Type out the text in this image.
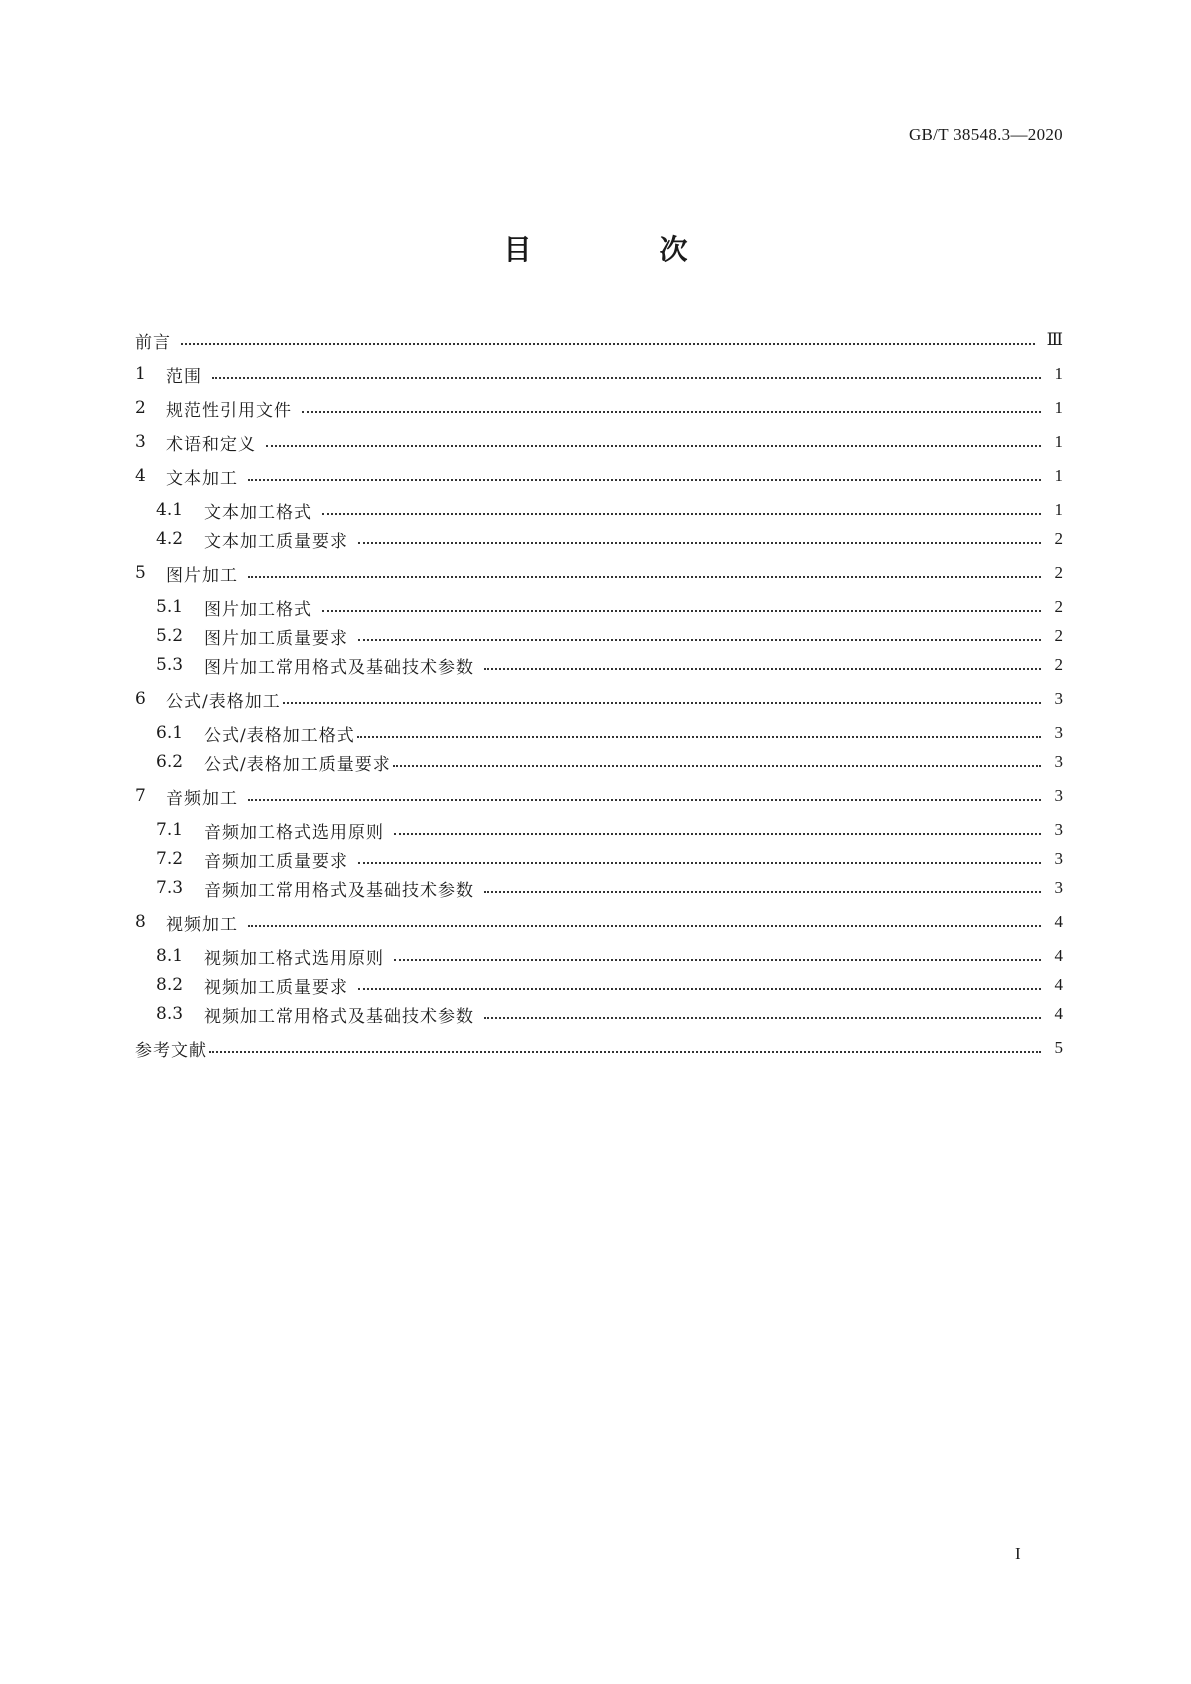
GB/T 38548.3—2020
目　次
前言	Ⅲ
1	范围	1
2	规范性引用文件	1
3	术语和定义	1
4	文本加工	1
4.1	文本加工格式	1
4.2	文本加工质量要求	2
5	图片加工	2
5.1	图片加工格式	2
5.2	图片加工质量要求	2
5.3	图片加工常用格式及基础技术参数	2
6	公式/表格加工	3
6.1	公式/表格加工格式	3
6.2	公式/表格加工质量要求	3
7	音频加工	3
7.1	音频加工格式选用原则	3
7.2	音频加工质量要求	3
7.3	音频加工常用格式及基础技术参数	3
8	视频加工	4
8.1	视频加工格式选用原则	4
8.2	视频加工质量要求	4
8.3	视频加工常用格式及基础技术参数	4
参考文献	5
I
